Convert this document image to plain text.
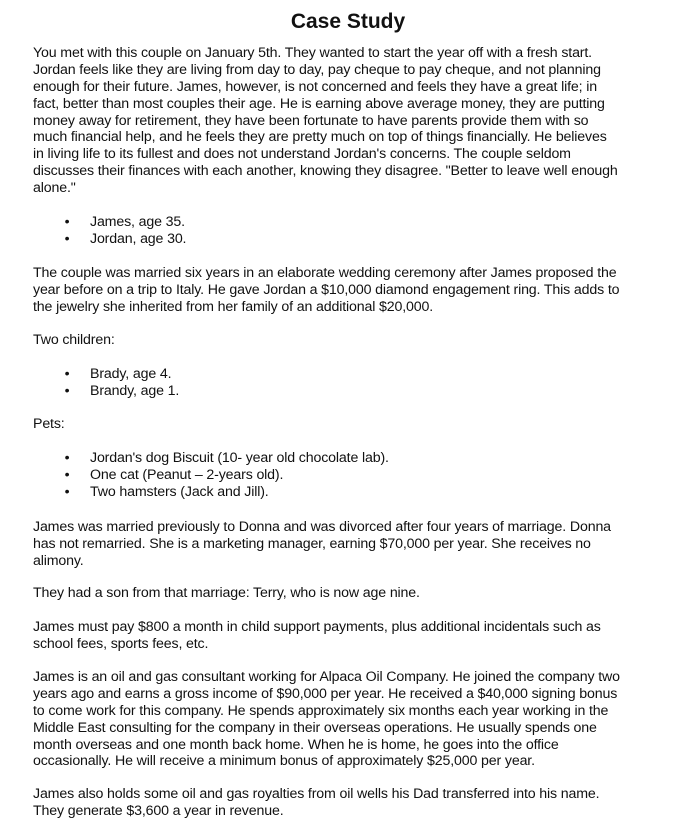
Case Study
You met with this couple on January 5th. They wanted to start the year off with a fresh start.
Jordan feels like they are living from day to day, pay cheque to pay cheque, and not planning
enough for their future. James, however, is not concerned and feels they have a great life; in
fact, better than most couples their age. He is earning above average money, they are putting
money away for retirement, they have been fortunate to have parents provide them with so
much financial help, and he feels they are pretty much on top of things financially. He believes
in living life to its fullest and does not understand Jordan's concerns. The couple seldom
discusses their finances with each another, knowing they disagree. "Better to leave well enough
alone."
• James, age 35.
• Jordan, age 30.
The couple was married six years in an elaborate wedding ceremony after James proposed the
year before on a trip to Italy. He gave Jordan a $10,000 diamond engagement ring. This adds to
the jewelry she inherited from her family of an additional $20,000.
Two children:
• Brady, age 4.
• Brandy, age 1.
Pets:
• Jordan's dog Biscuit (10- year old chocolate lab).
• One cat (Peanut – 2-years old).
• Two hamsters (Jack and Jill).
James was married previously to Donna and was divorced after four years of marriage. Donna
has not remarried. She is a marketing manager, earning $70,000 per year. She receives no
alimony.
They had a son from that marriage: Terry, who is now age nine.
James must pay $800 a month in child support payments, plus additional incidentals such as
school fees, sports fees, etc.
James is an oil and gas consultant working for Alpaca Oil Company. He joined the company two
years ago and earns a gross income of $90,000 per year. He received a $40,000 signing bonus
to come work for this company. He spends approximately six months each year working in the
Middle East consulting for the company in their overseas operations. He usually spends one
month overseas and one month back home. When he is home, he goes into the office
occasionally. He will receive a minimum bonus of approximately $25,000 per year.
James also holds some oil and gas royalties from oil wells his Dad transferred into his name.
They generate $3,600 a year in revenue.
